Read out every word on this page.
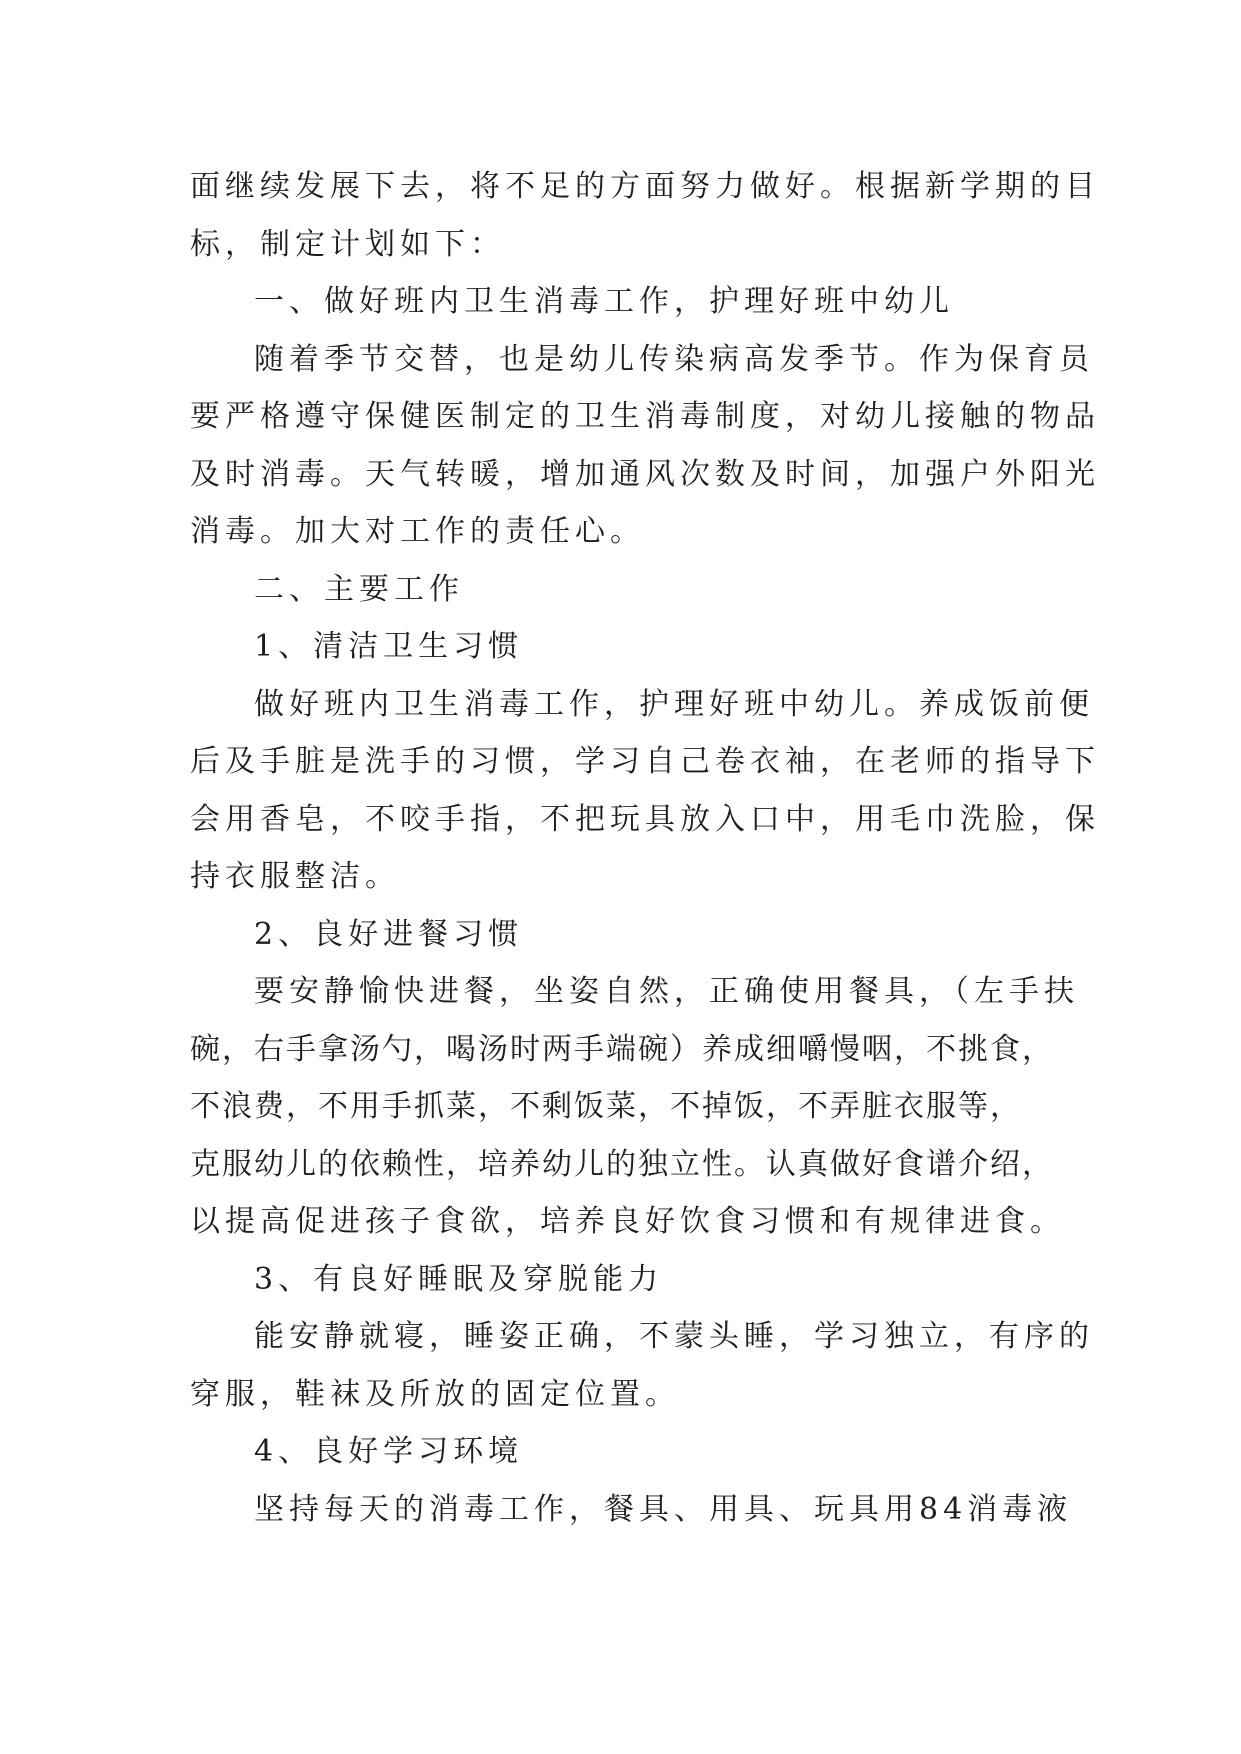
面继续发展下去，将不足的方面努力做好。根据新学期的目
标，制定计划如下：
一、做好班内卫生消毒工作，护理好班中幼儿
随着季节交替，也是幼儿传染病高发季节。作为保育员
要严格遵守保健医制定的卫生消毒制度，对幼儿接触的物品
及时消毒。天气转暖，增加通风次数及时间，加强户外阳光
消毒。加大对工作的责任心。
二、主要工作
1、清洁卫生习惯
做好班内卫生消毒工作，护理好班中幼儿。养成饭前便
后及手脏是洗手的习惯，学习自己卷衣袖，在老师的指导下
会用香皂，不咬手指，不把玩具放入口中，用毛巾洗脸，保
持衣服整洁。
2、良好进餐习惯
要安静愉快进餐，坐姿自然，正确使用餐具，（左手扶
碗，右手拿汤勺，喝汤时两手端碗）养成细嚼慢咽，不挑食，
不浪费，不用手抓菜，不剩饭菜，不掉饭，不弄脏衣服等，
克服幼儿的依赖性，培养幼儿的独立性。认真做好食谱介绍，
以提高促进孩子食欲，培养良好饮食习惯和有规律进食。
3、有良好睡眠及穿脱能力
能安静就寝，睡姿正确，不蒙头睡，学习独立，有序的
穿服，鞋袜及所放的固定位置。
4、良好学习环境
坚持每天的消毒工作，餐具、用具、玩具用84消毒液
